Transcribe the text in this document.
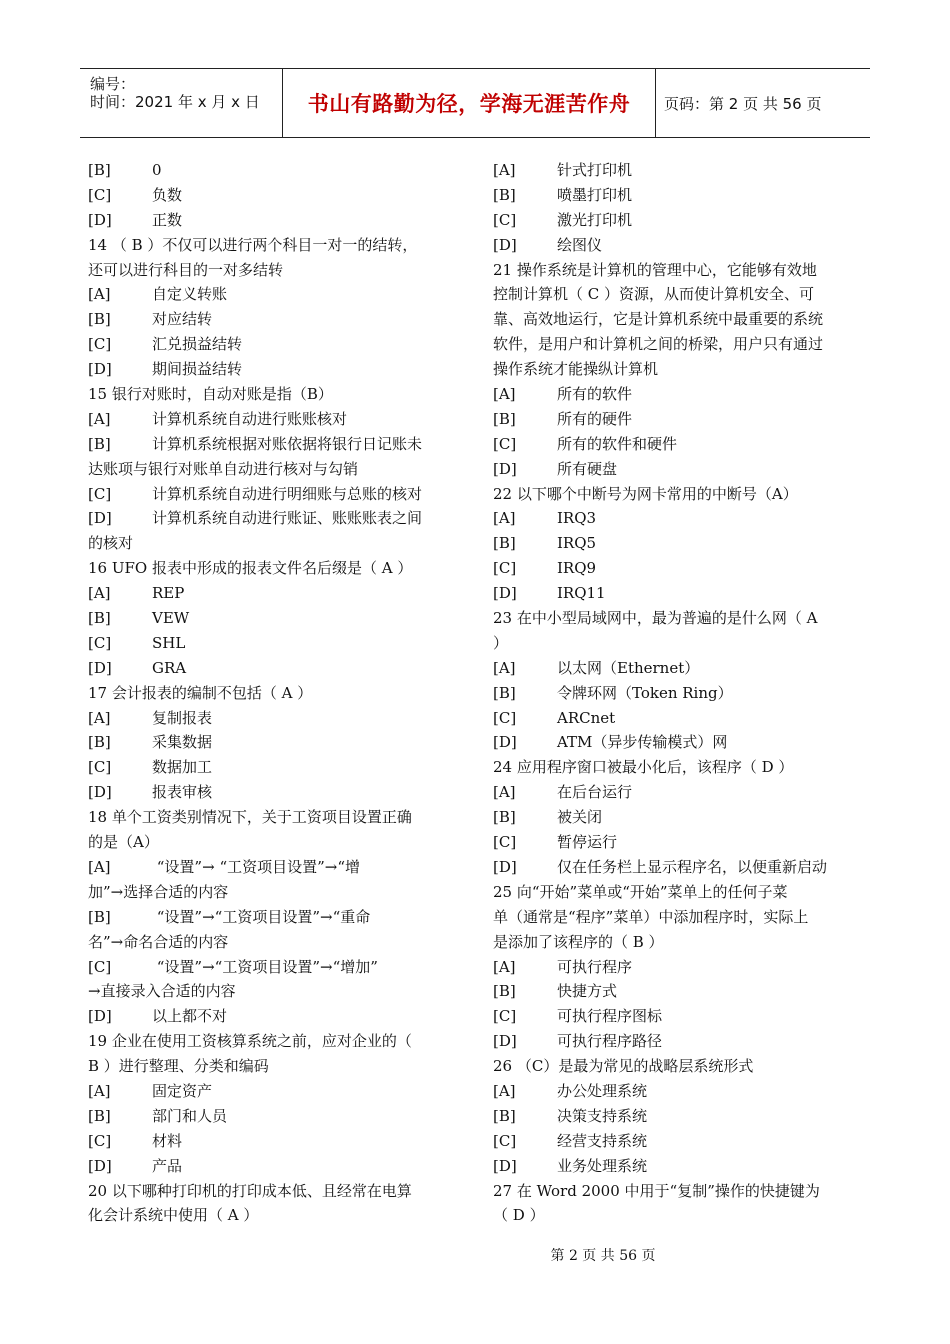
编号：
时间：2021 年 x 月 x 日 书山有路勤为径，学海无涯苦作舟	页码：第 2 页 共 56 页
[B]	0
[C]	负数
[D]	正数
14 （ B ）不仅可以进行两个科目一对一的结转，
还可以进行科目的一对多结转
[A]	自定义转账
[B]	对应结转
[C]	汇兑损益结转
[D]	期间损益结转
15 银行对账时，自动对账是指（B）
[A]	计算机系统自动进行账账核对
[B]	计算机系统根据对账依据将银行日记账未
达账项与银行对账单自动进行核对与勾销
[C]	计算机系统自动进行明细账与总账的核对
[D]	计算机系统自动进行账证、账账账表之间
的核对
16 UFO 报表中形成的报表文件名后缀是（ A ）
[A]	REP
[B]	VEW
[C]	SHL
[D]	GRA
17 会计报表的编制不包括（ A ）
[A]	复制报表
[B]	采集数据
[C]	数据加工
[D]	报表审核
18 单个工资类别情况下，关于工资项目设置正确
的是（A）
[A]	“设置”→ “工资项目设置”→“增
加”→选择合适的内容
[B]	“设置”→“工资项目设置”→“重命
名”→命名合适的内容
[C]	“设置”→“工资项目设置”→“增加”
→直接录入合适的内容
[D]	以上都不对
19 企业在使用工资核算系统之前，应对企业的（
B ）进行整理、分类和编码
[A]	固定资产
[B]	部门和人员
[C]	材料
[D]	产品
20 以下哪种打印机的打印成本低、且经常在电算
化会计系统中使用（ A ）
[A]	针式打印机
[B]	喷墨打印机
[C]	激光打印机
[D]	绘图仪
21 操作系统是计算机的管理中心，它能够有效地
控制计算机（ C ）资源，从而使计算机安全、可
靠、高效地运行，它是计算机系统中最重要的系统
软件，是用户和计算机之间的桥梁，用户只有通过
操作系统才能操纵计算机
[A]	所有的软件
[B]	所有的硬件
[C]	所有的软件和硬件
[D]	所有硬盘
22 以下哪个中断号为网卡常用的中断号（A）
[A]	IRQ3
[B]	IRQ5
[C]	IRQ9
[D]	IRQ11
23 在中小型局域网中，最为普遍的是什么网（ A
）
[A]	以太网（Ethernet）
[B]	令牌环网（Token Ring）
[C]	ARCnet
[D]	ATM（异步传输模式）网
24 应用程序窗口被最小化后，该程序（ D ）
[A]	在后台运行
[B]	被关闭
[C]	暂停运行
[D]	仅在任务栏上显示程序名，以便重新启动
25 向“开始”菜单或“开始”菜单上的任何子菜
单（通常是“程序”菜单）中添加程序时，实际上
是添加了该程序的（ B ）
[A]	可执行程序
[B]	快捷方式
[C]	可执行程序图标
[D]	可执行程序路径
26 （C）是最为常见的战略层系统形式
[A]	办公处理系统
[B]	决策支持系统
[C]	经营支持系统
[D]	业务处理系统
27 在 Word 2000 中用于“复制”操作的快捷键为
（ D ）
第 2 页 共 56 页
